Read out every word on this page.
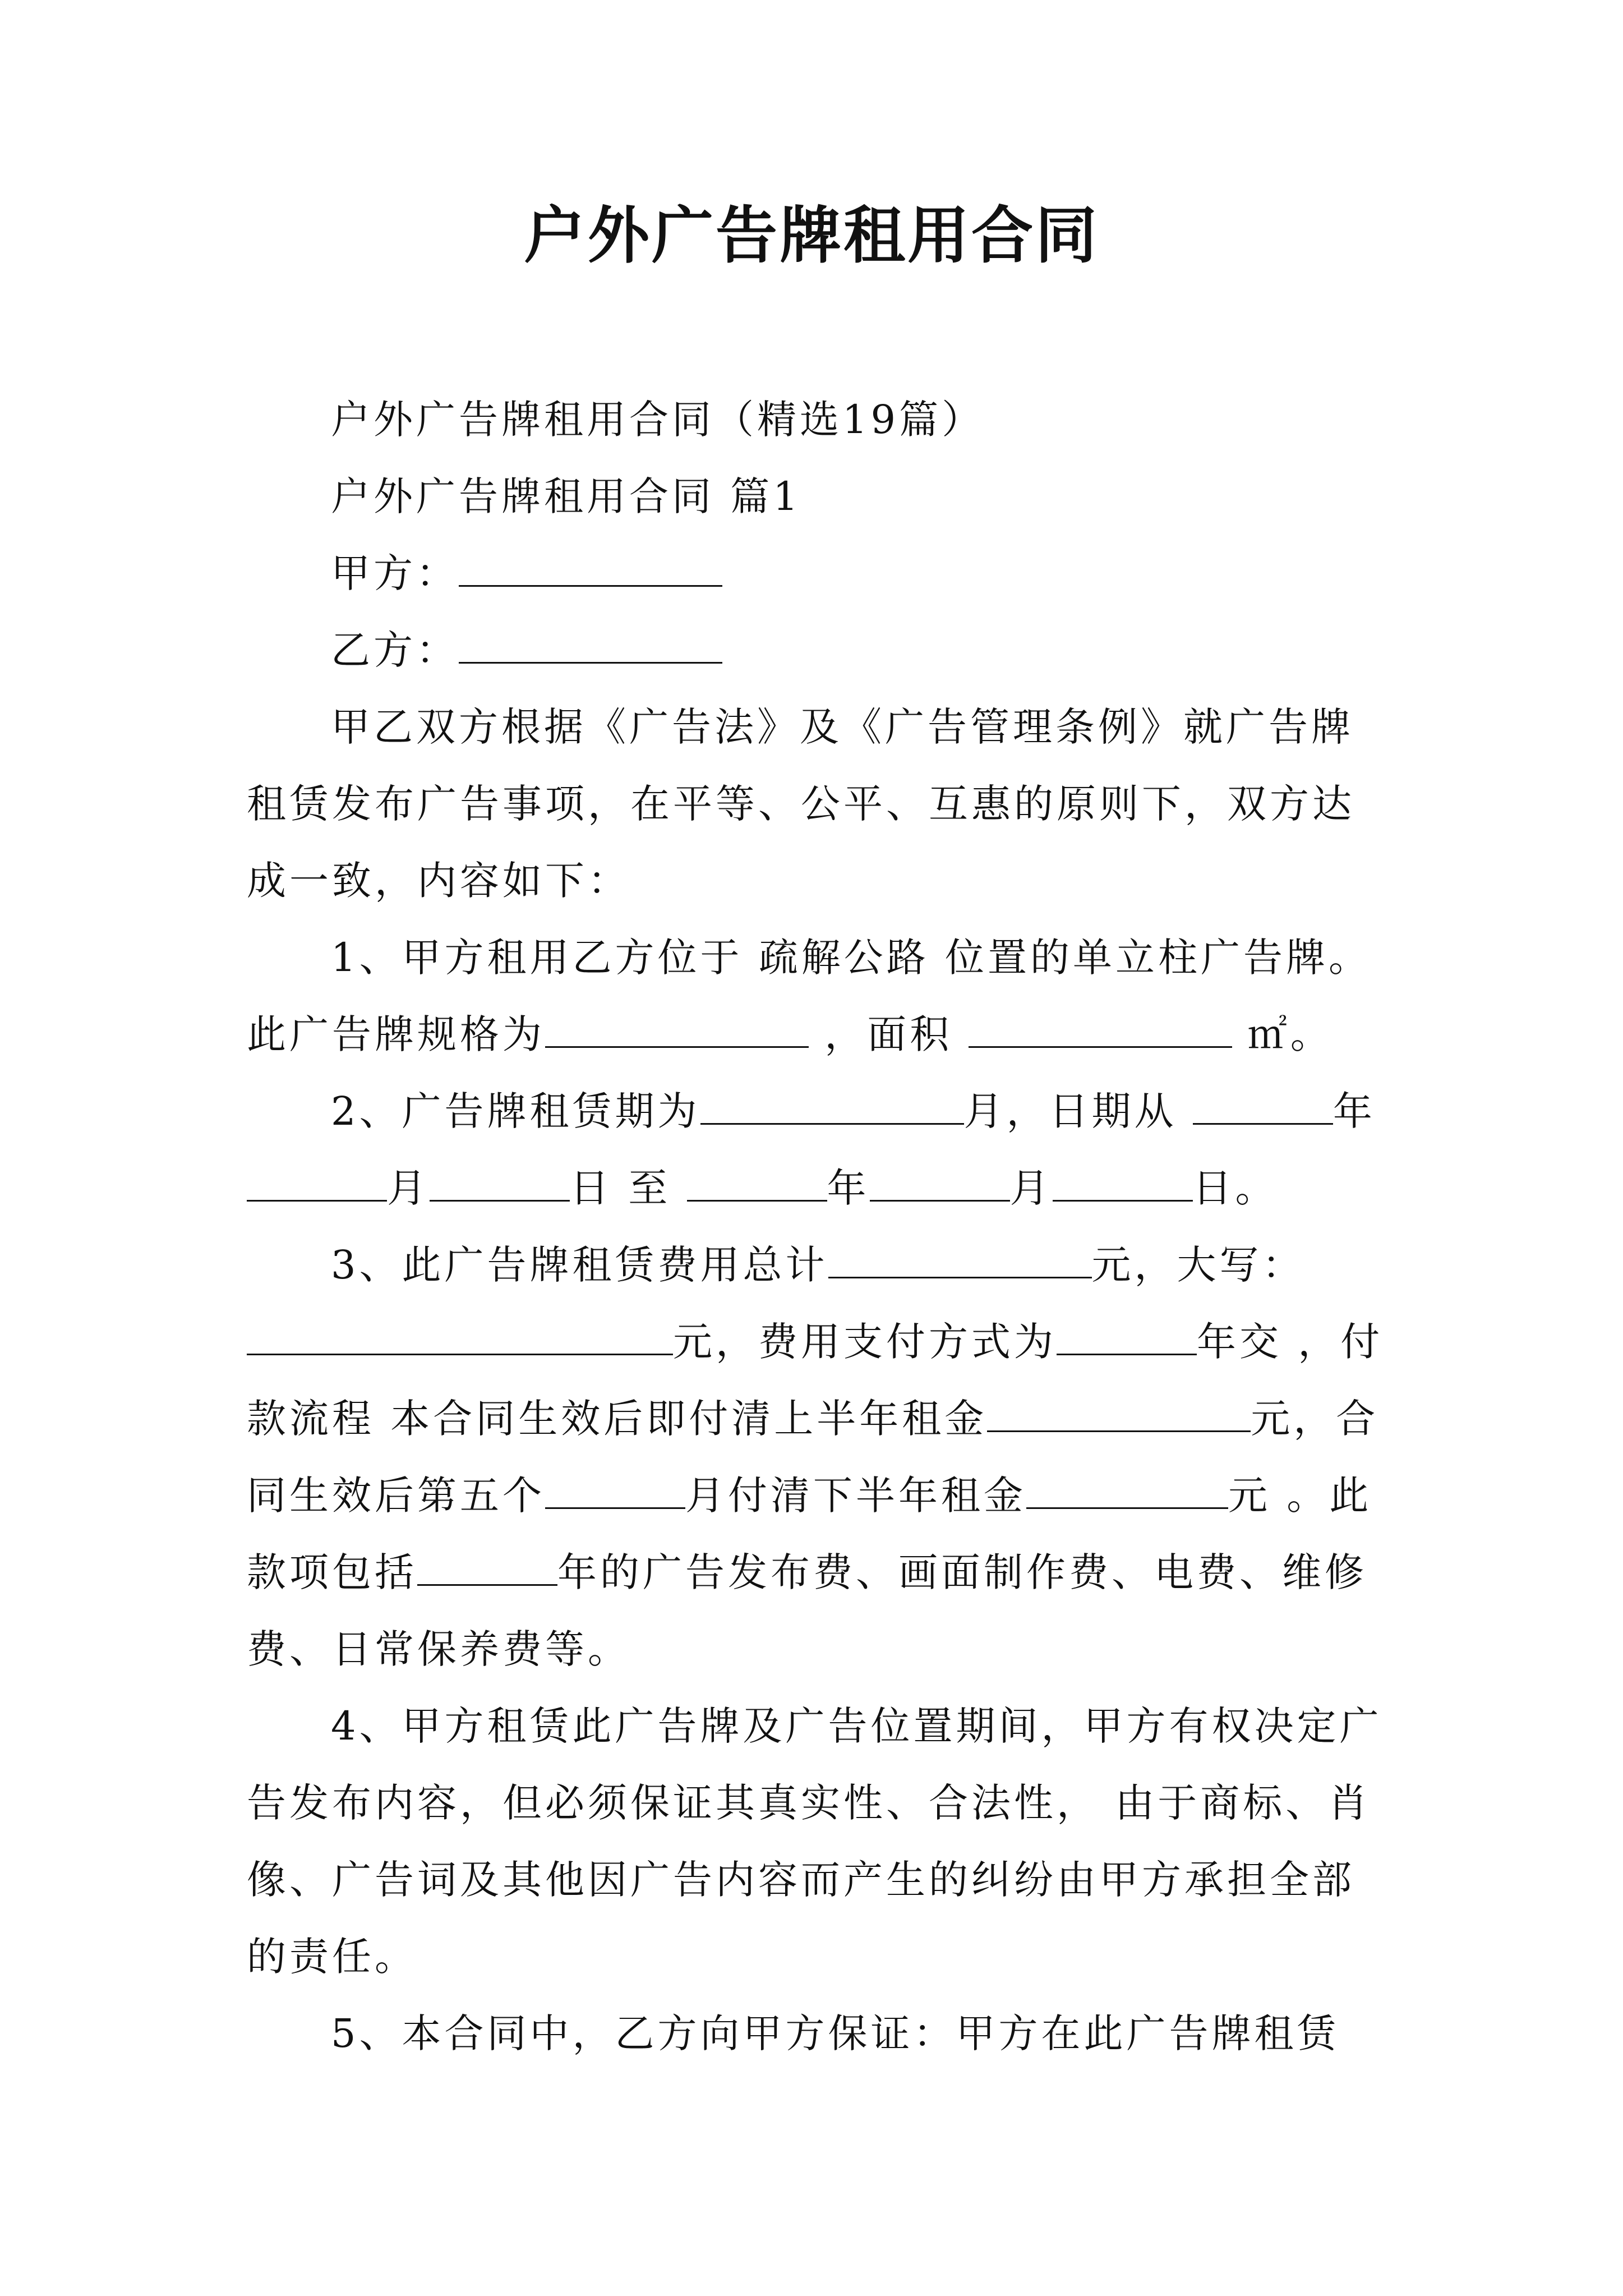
户外广告牌租用合同

户外广告牌租用合同（精选19篇）

户外广告牌租用合同 篇1

甲方：

乙方：

甲乙双方根据《广告法》及《广告管理条例》就广告牌租赁发布广告事项，在平等、公平、互惠的原则下，双方达成一致，内容如下：

1、甲方租用乙方位于 疏解公路 位置的单立柱广告牌。此广告牌规格为	，面积	㎡。

2、广告牌租赁期为	月，日期从	年 月	日 至	年	月	日。

3、此广告牌租赁费用总计	元，大写：元，费用支付方式为	年交 ，付款流程 本合同生效后即付清上半年租金	元，合同生效后第五个	月付清下半年租金	元 。此款项包括	年的广告发布费、画面制作费、电费、维修费、日常保养费等。

4、甲方租赁此广告牌及广告位置期间，甲方有权决定广告发布内容，但必须保证其真实性、合法性， 由于商标、肖像、广告词及其他因广告内容而产生的纠纷由甲方承担全部的责任。

5、本合同中，乙方向甲方保证：甲方在此广告牌租赁
